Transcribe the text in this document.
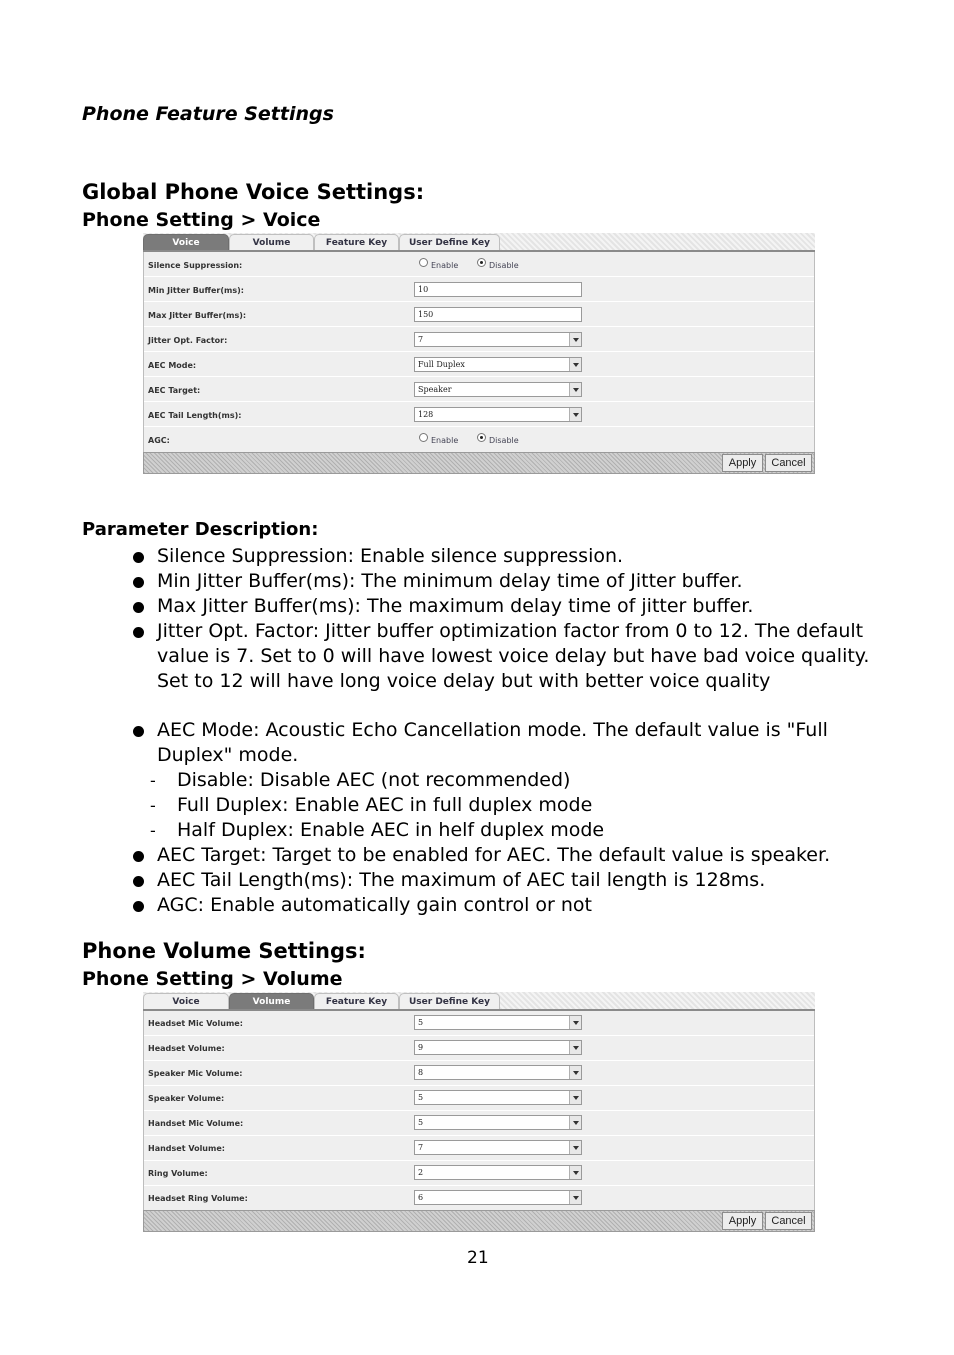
Phone Feature Settings
Global Phone Voice Settings:
Phone Setting > Voice
Voice	Volume	Feature Key	User Define Key
Silence Suppression:	Enable	Disable
Min Jitter Buffer(ms):	10
Max Jitter Buffer(ms):	150
Jitter Opt. Factor:	7
AEC Mode:	Full Duplex
AEC Target:	Speaker
AEC Tail Length(ms):	128
AGC:	Enable	Disable
Apply	Cancel
Parameter Description:
Silence Suppression: Enable silence suppression.
Min Jitter Buffer(ms): The minimum delay time of Jitter buffer.
Max Jitter Buffer(ms): The maximum delay time of jitter buffer.
Jitter Opt. Factor: Jitter buffer optimization factor from 0 to 12. The default value is 7. Set to 0 will have lowest voice delay but have bad voice quality. Set to 12 will have long voice delay but with better voice quality
AEC Mode: Acoustic Echo Cancellation mode. The default value is "Full Duplex" mode.
- Disable: Disable AEC (not recommended)
- Full Duplex: Enable AEC in full duplex mode
- Half Duplex: Enable AEC in helf duplex mode
AEC Target: Target to be enabled for AEC. The default value is speaker.
AEC Tail Length(ms): The maximum of AEC tail length is 128ms.
AGC: Enable automatically gain control or not
Phone Volume Settings:
Phone Setting > Volume
Voice	Volume	Feature Key	User Define Key
Headset Mic Volume:	5
Headset Volume:	9
Speaker Mic Volume:	8
Speaker Volume:	5
Handset Mic Volume:	5
Handset Volume:	7
Ring Volume:	2
Headset Ring Volume:	6
Apply	Cancel
21
